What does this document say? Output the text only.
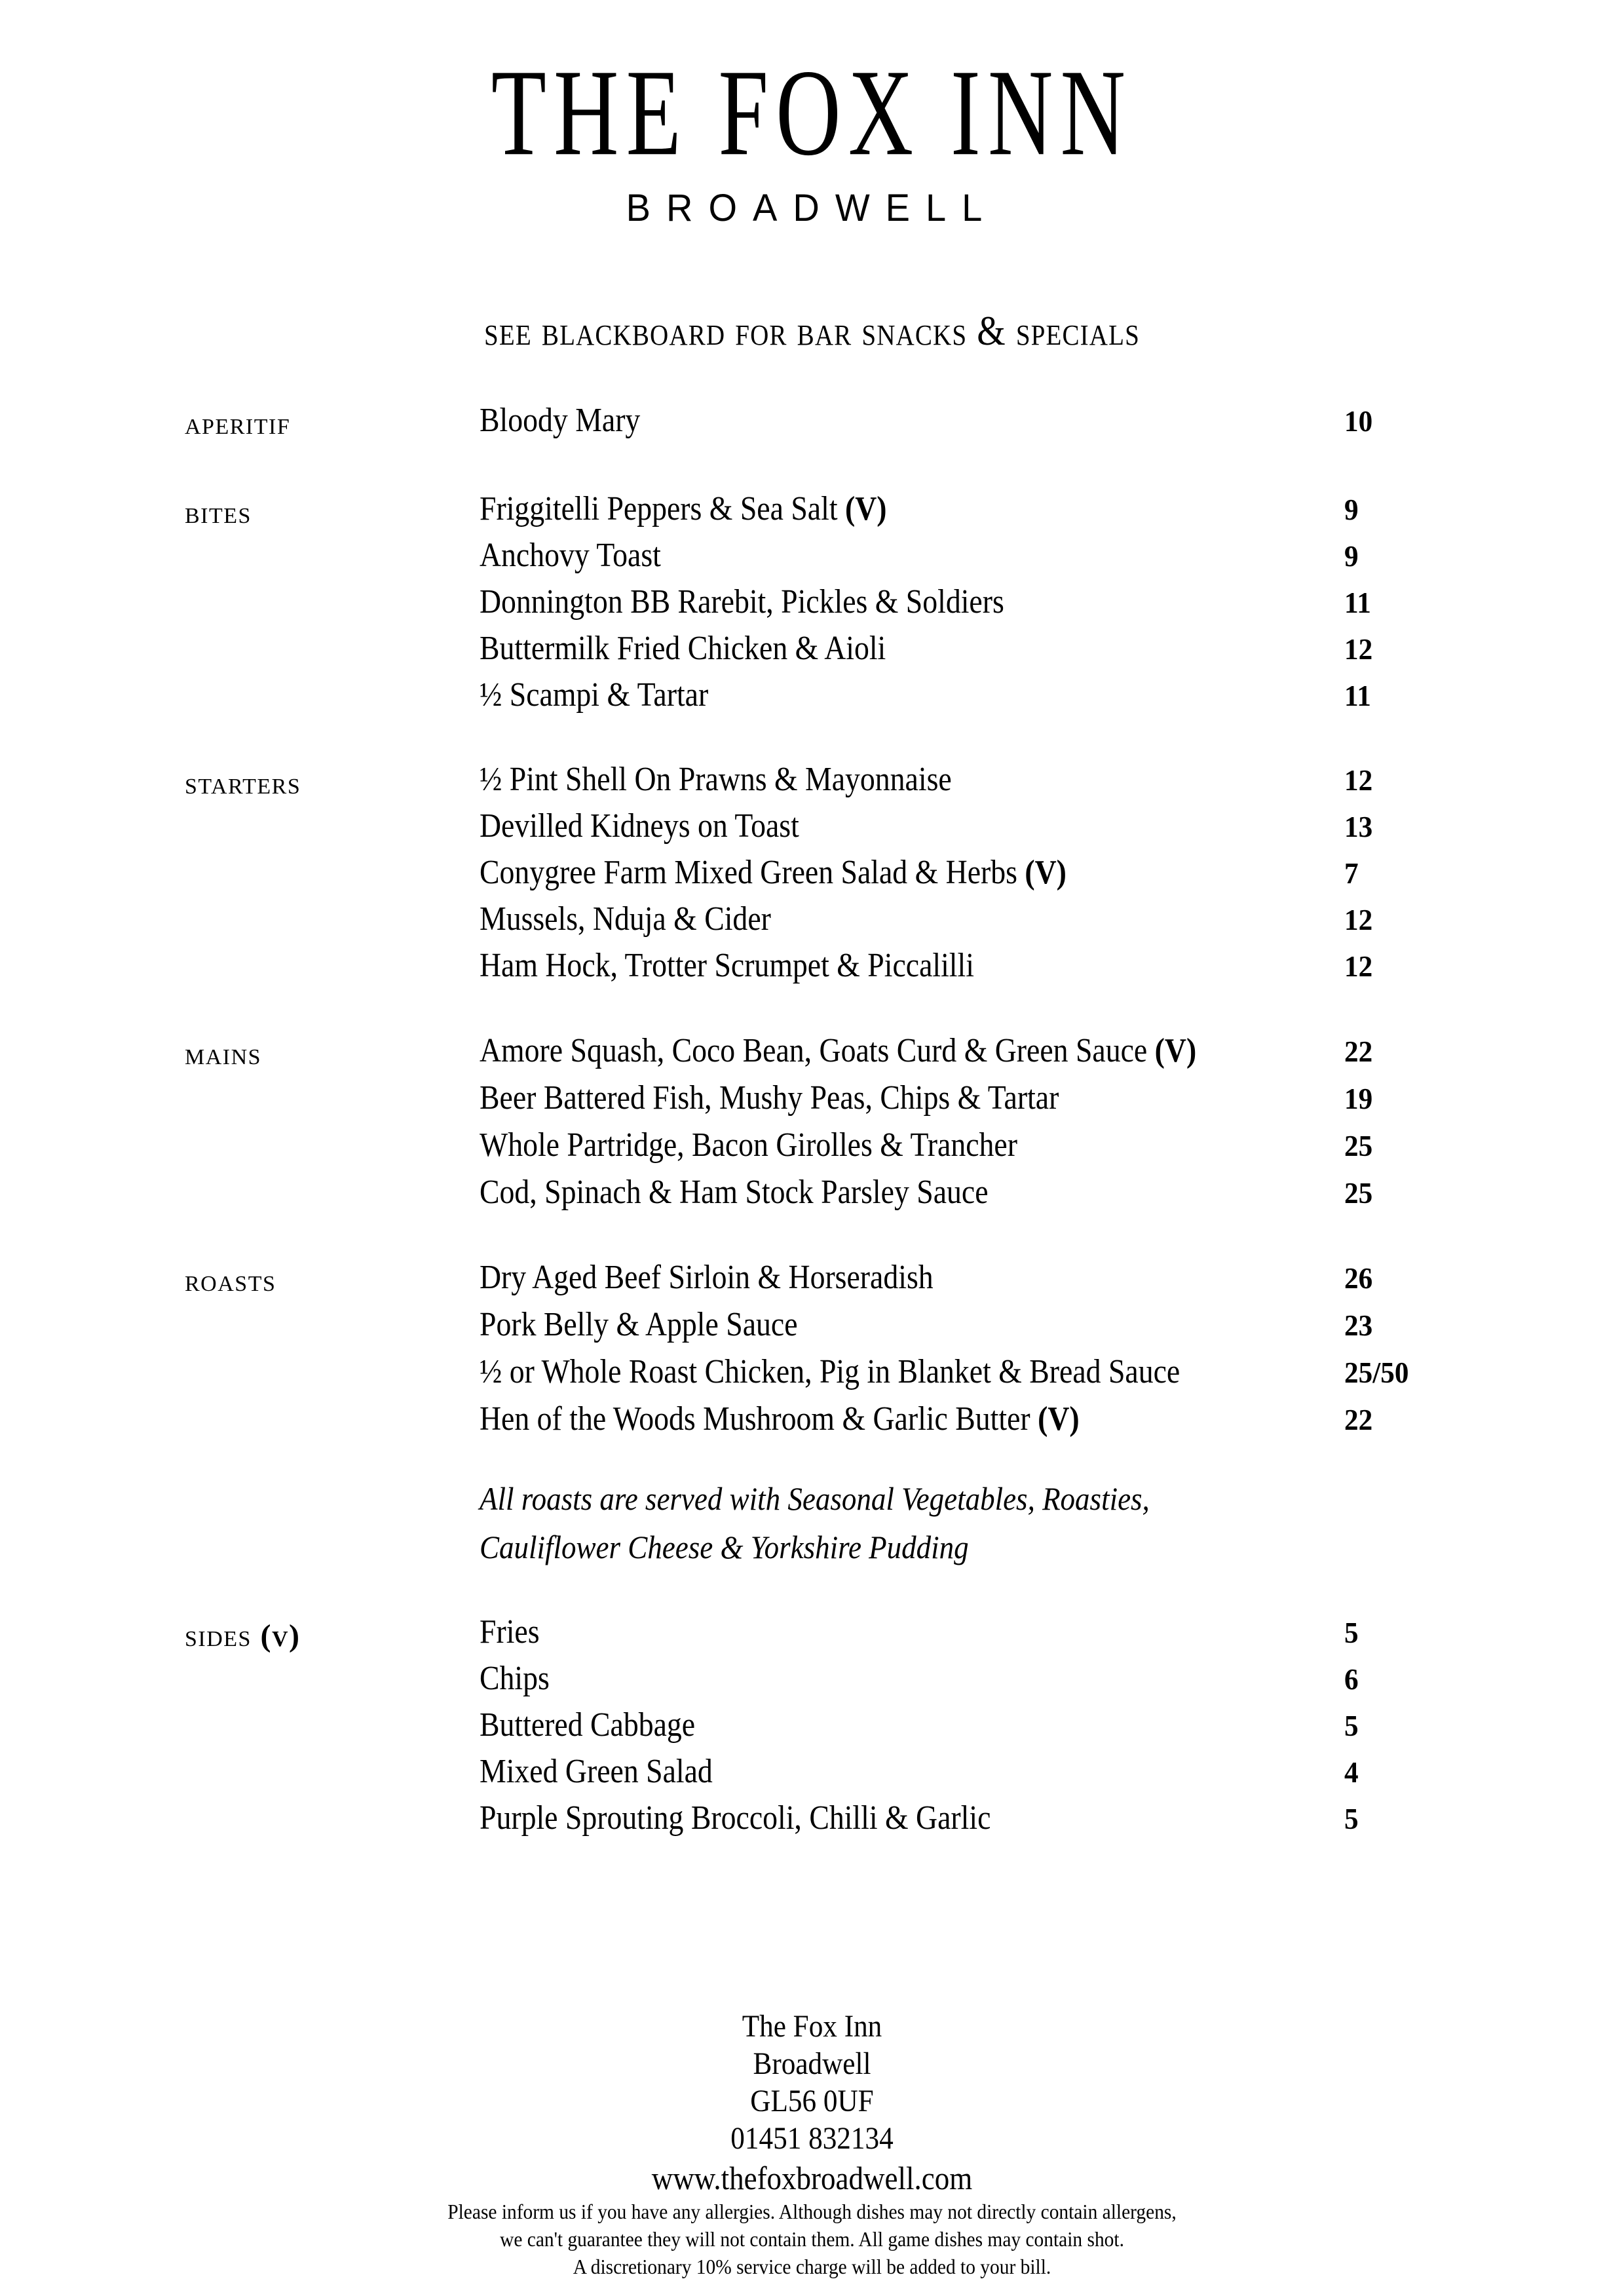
THE FOX INN
BROADWELL
see blackboard for bar snacks & specials
aperitif	Bloody Mary	10
bites	Friggitelli Peppers & Sea Salt (V)	9
Anchovy Toast	9
Donnington BB Rarebit, Pickles & Soldiers	11
Buttermilk Fried Chicken & Aioli	12
½ Scampi & Tartar	11
starters	½ Pint Shell On Prawns & Mayonnaise	12
Devilled Kidneys on Toast	13
Conygree Farm Mixed Green Salad & Herbs (V)	7
Mussels, Nduja & Cider	12
Ham Hock, Trotter Scrumpet & Piccalilli	12
mains	Amore Squash, Coco Bean, Goats Curd & Green Sauce (V)	22
Beer Battered Fish, Mushy Peas, Chips & Tartar	19
Whole Partridge, Bacon Girolles & Trancher	25
Cod, Spinach & Ham Stock Parsley Sauce	25
roasts	Dry Aged Beef Sirloin & Horseradish	26
Pork Belly & Apple Sauce	23
½ or Whole Roast Chicken, Pig in Blanket & Bread Sauce	25/50
Hen of the Woods Mushroom & Garlic Butter (V)	22
All roasts are served with Seasonal Vegetables, Roasties,
Cauliflower Cheese & Yorkshire Pudding
sides (v)	Fries	5
Chips	6
Buttered Cabbage	5
Mixed Green Salad	4
Purple Sprouting Broccoli, Chilli & Garlic	5
The Fox Inn
Broadwell
GL56 0UF
01451 832134
www.thefoxbroadwell.com
Please inform us if you have any allergies. Although dishes may not directly contain allergens,
we can't guarantee they will not contain them. All game dishes may contain shot.
A discretionary 10% service charge will be added to your bill.
